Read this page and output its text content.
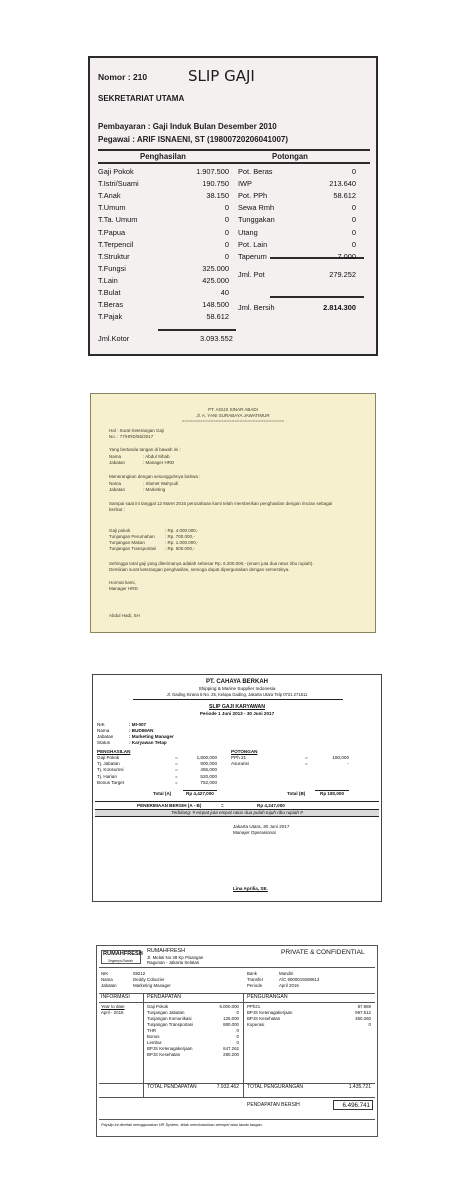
Nomor : 210	SLIP GAJI
SEKRETARIAT UTAMA
Pembayaran : Gaji Induk Bulan Desember 2010
Pegawai : ARIF ISNAENI, ST (19800720206041007)
Penghasilan	Potongan
Jml. Pot	279.252
Jml. Bersih	2.814.300
Jml.Kotor	3.093.552
Gaji Pokok	1.907.500 Pot. Beras	0
T.Istri/Suami	190.750 IWP	213.640
T.Anak	38.150 Pot. PPh	58.612
T.Umum	0 Sewa Rmh	0
T.Ta. Umum	0 Tunggakan	0
T.Papua	0 Utang	0
T.Terpencil	0 Pot. Lain	0
T.Struktur	0 Taperum	7.000
T.Fungsi	325.000
T.Lain	425.000
T.Bulat	40
T.Beras	148.500
T.Pajak	58.612
PT. AGUS SINAR ABADI
Jl. A. YANI SURABAYA JAWATIMUR
=======================================
Hal : Surat Keterangan Gaji
No. : 77/HRD/55/2017
Yang bertanda tangan di bawah ini :
Menerangkan dengan sesungguhnya bahwa :
Sampai saat ini tanggal 12 Maret 2016 perusahaan kami telah memberikan penghasilan dengan rincian sebagai
berikut :
Sehingga total gaji yang diterimanya adalah sebesar Rp. 6.200.000,- (enam juta dua ratus ribu rupiah).
Demikian surat keterangan penghasilan, semoga dapat dipergunakan dengan semestinya.
Hormat kami,
Manager HRD
Abdul Hadi, SH
Nama	: Abdul Sihab
Jabatan	: Manager HRD
Nama	: Slamet Wahyudi
Jabatan	: Marketing
Gaji pokok	: Rp. 4.000.000,-
Tunjangan Perumahan : Rp. 700.000,-
Tunjangan Makan	: Rp. 1.000.000,-
Tunjangan Transportasi : Rp. 500.000,-
PT. CAHAYA BERKAH
Shipping & Marine Supplier Indonesia
Jl. Gading Kirana 6 No. 25, Kelapa Gading, Jakarta Utara Telp 0721 271611
SLIP GAJI KARYAWAN
Periode 1 Juni 2013 - 30 Juni 2017
PENGHASILAN	POTONGAN
Total (A)	Rp 4,427,000	Total (B)	Rp 180,000
PENERIMAAN BERSIH (A - B)	=	Rp 4,247,000
Terbilang: # empat juta empat ratus dua puluh tujuh ribu rupiah #
Jakarta Utara, 30 Juni 2017
Manajer Operasional
Lina Aprilia, SE.
NIK	: MI-007
Nama	: BUDIMAN
Jabatan	: Marketing Manager
Status	: Karyawan Tetap
Gaji Pokok	=	1,800,000
Tj. Jabatan	=	900,000
Tj. Konsumsi	=	455,000
Tj. Harian	=	520,000
Bonus Target	=	752,000
PPh 21	=	180,000
Asuransi	=	-
RUMAHFRESH
Segarnya Rumah
RUMAHFRESH
Jl. Melati No 38 Kp Pisangan
Ragunan - Jakarta Selatan
PRIVATE & CONFIDENTIAL
INFORMASI	PENDAPATAN	PENGURANGAN
TOTAL PENDAPATAN	7.932.462 TOTAL PENGURANGAN	1.435.721
PENDAPATAN BERSIH	6.496.741
Payslip ini dicetak menggunakan HR System, tidak membutuhkan stempel atau tanda tangan.
NIK	08212
Nama	Deddy Cobuzier
Jabatan	Marketing Manager
Bank	Mandiri
Transfer	A/C 9000019288613
Periode	April 2016
Year to date
April - 2016
Gaji Pokok	6.000.000
Tunjangan Jabatan	0
Tunjangan Komunikasi	125.000
Tunjangan Transportasi	880.000
THR	0
Bonus	0
Lembur	0
BPJS Ketenagakerjaan	647.262
BPJS Kesehatan	280.200
PPh21	87.969
BPJS Ketenagakerjaan	997.512
BPJS Kesehatan	360.260
Koperasi	0
